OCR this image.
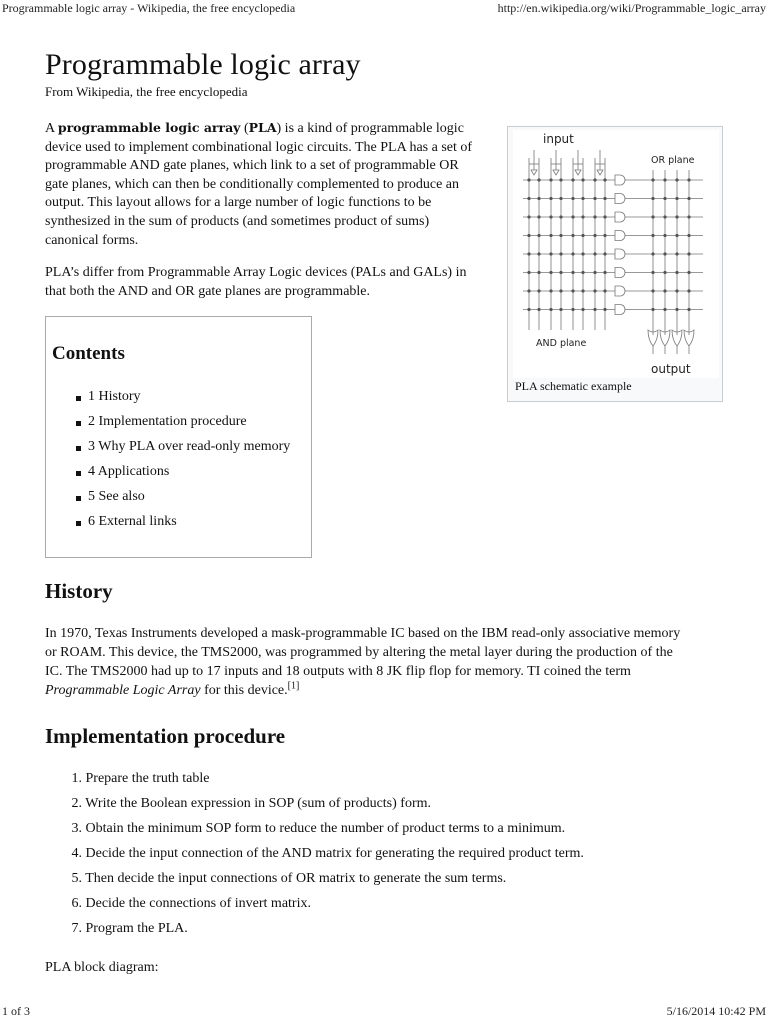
Programmable logic array - Wikipedia, the free encyclopedia	http://en.wikipedia.org/wiki/Programmable_logic_array
Programmable logic array
From Wikipedia, the free encyclopedia

A programmable logic array (PLA) is a kind of programmable logic device used to implement combinational logic circuits. The PLA has a set of programmable AND gate planes, which link to a set of programmable OR gate planes, which can then be conditionally complemented to produce an output. This layout allows for a large number of logic functions to be synthesized in the sum of products (and sometimes product of sums) canonical forms.

PLA’s differ from Programmable Array Logic devices (PALs and GALs) in that both the AND and OR gate planes are programmable.

input
OR plane
AND plane
output
PLA schematic example
Contents
1 History
2 Implementation procedure
3 Why PLA over read-only memory
4 Applications
5 See also
6 External links
History

In 1970, Texas Instruments developed a mask-programmable IC based on the IBM read-only associative memory or ROAM. This device, the TMS2000, was programmed by altering the metal layer during the production of the IC. The TMS2000 had up to 17 inputs and 18 outputs with 8 JK flip flop for memory. TI coined the term Programmable Logic Array for this device.[1]

Implementation procedure
1. Prepare the truth table
2. Write the Boolean expression in SOP (sum of products) form.
3. Obtain the minimum SOP form to reduce the number of product terms to a minimum.
4. Decide the input connection of the AND matrix for generating the required product term.
5. Then decide the input connections of OR matrix to generate the sum terms.
6. Decide the connections of invert matrix.
7. Program the PLA.
PLA block diagram:
1 of 3	5/16/2014 10:42 PM
